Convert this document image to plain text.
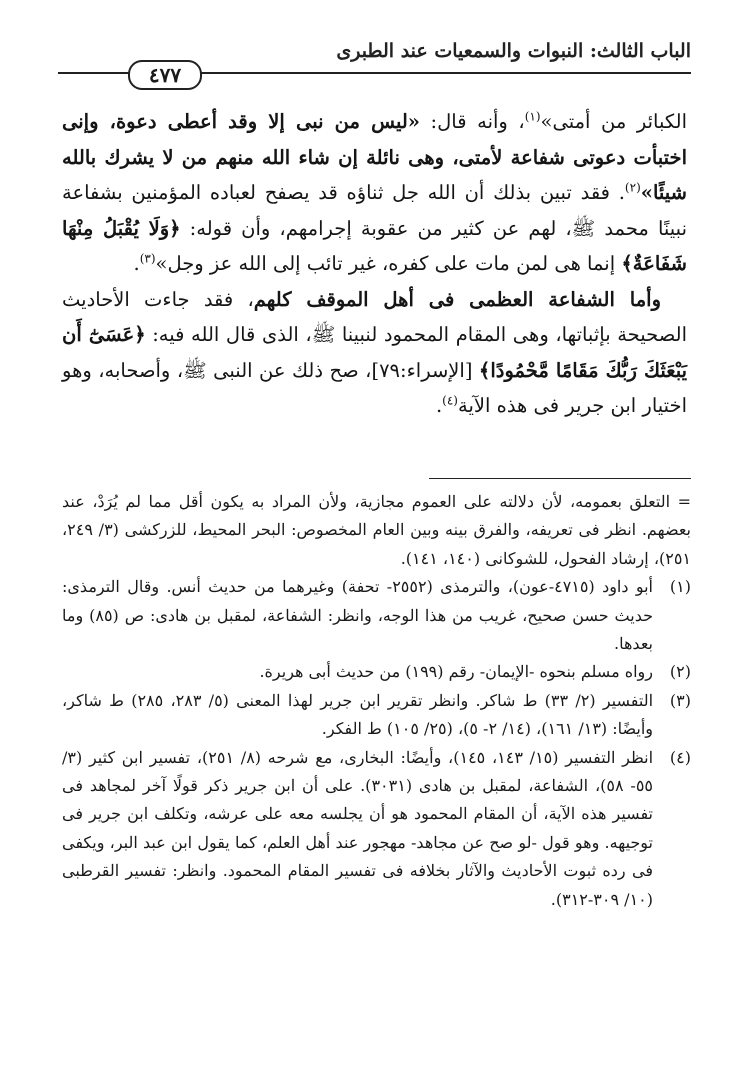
الباب الثالث: النبوات والسمعيات عند الطبرى
٤٧٧

الكبائر من أمتى»$^{(١)}$، وأنه قال: «ليس من نبى إلا وقد أعطى دعوة، وإنى اختبأت دعوتى شفاعة لأمتى، وهى نائلة إن شاء الله منهم من لا يشرك بالله شيئًا»$^{(٢)}$. فقد تبين بذلك أن الله جل ثناؤه قد يصفح لعباده المؤمنين بشفاعة نبينًا محمد ﷺ، لهم عن كثير من عقوبة إجرامهم، وأن قوله: ﴿وَلَا يُقْبَلُ مِنْهَا شَفَاعَةٌ﴾ إنما هى لمن مات على كفره، غير تائب إلى الله عز وجل»$^{(٣)}$.

وأما الشفاعة العظمى فى أهل الموقف كلهم، فقد جاءت الأحاديث الصحيحة بإثباتها، وهى المقام المحمود لنبينا ﷺ، الذى قال الله فيه: ﴿عَسَىٰٓ أَن يَبْعَثَكَ رَبُّكَ مَقَامًا مَّحْمُودًا﴾ [الإسراء:٧٩]، صح ذلك عن النبى ﷺ، وأصحابه، وهو اختيار ابن جرير فى هذه الآية$^{(٤)}$.

= التعلق بعمومه، لأن دلالته على العموم مجازية، ولأن المراد به يكون أقل مما لم يُرَدْ، عند بعضهم. انظر فى تعريفه، والفرق بينه وبين العام المخصوص: البحر المحيط، للزركشى (٣/ ٢٤٩، ٢٥١)، إرشاد الفحول، للشوكانى (١٤٠، ١٤١).

(١)
أبو داود (٤٧١٥-عون)، والترمذى (٢٥٥٢- تحفة) وغيرهما من حديث أنس. وقال الترمذى: حديث حسن صحيح، غريب من هذا الوجه، وانظر: الشفاعة، لمقبل بن هادى: ص (٨٥) وما بعدها.
(٢)
رواه مسلم بنحوه -الإيمان- رقم (١٩٩) من حديث أبى هريرة.
(٣)
التفسير (٢/ ٣٣) ط شاكر. وانظر تقرير ابن جرير لهذا المعنى (٥/ ٢٨٣، ٢٨٥) ط شاكر، وأيضًا: (١٣/ ١٦١)، (١٤/ ٢- ٥)، (٢٥/ ١٠٥) ط الفكر.
(٤)
انظر التفسير (١٥/ ١٤٣، ١٤٥)، وأيضًا: البخارى، مع شرحه (٨/ ٢٥١)، تفسير ابن كثير (٣/ ٥٥- ٥٨)، الشفاعة، لمقبل بن هادى (٣٠٣١). على أن ابن جرير ذكر قولًا آخر لمجاهد فى تفسير هذه الآية، أن المقام المحمود هو أن يجلسه معه على عرشه، وتكلف ابن جرير فى توجيهه. وهو قول -لو صح عن مجاهد- مهجور عند أهل العلم، كما يقول ابن عبد البر، ويكفى فى رده ثبوت الأحاديث والآثار بخلافه فى تفسير المقام المحمود. وانظر: تفسير القرطبى (١٠/ ٣٠٩-٣١٢).
